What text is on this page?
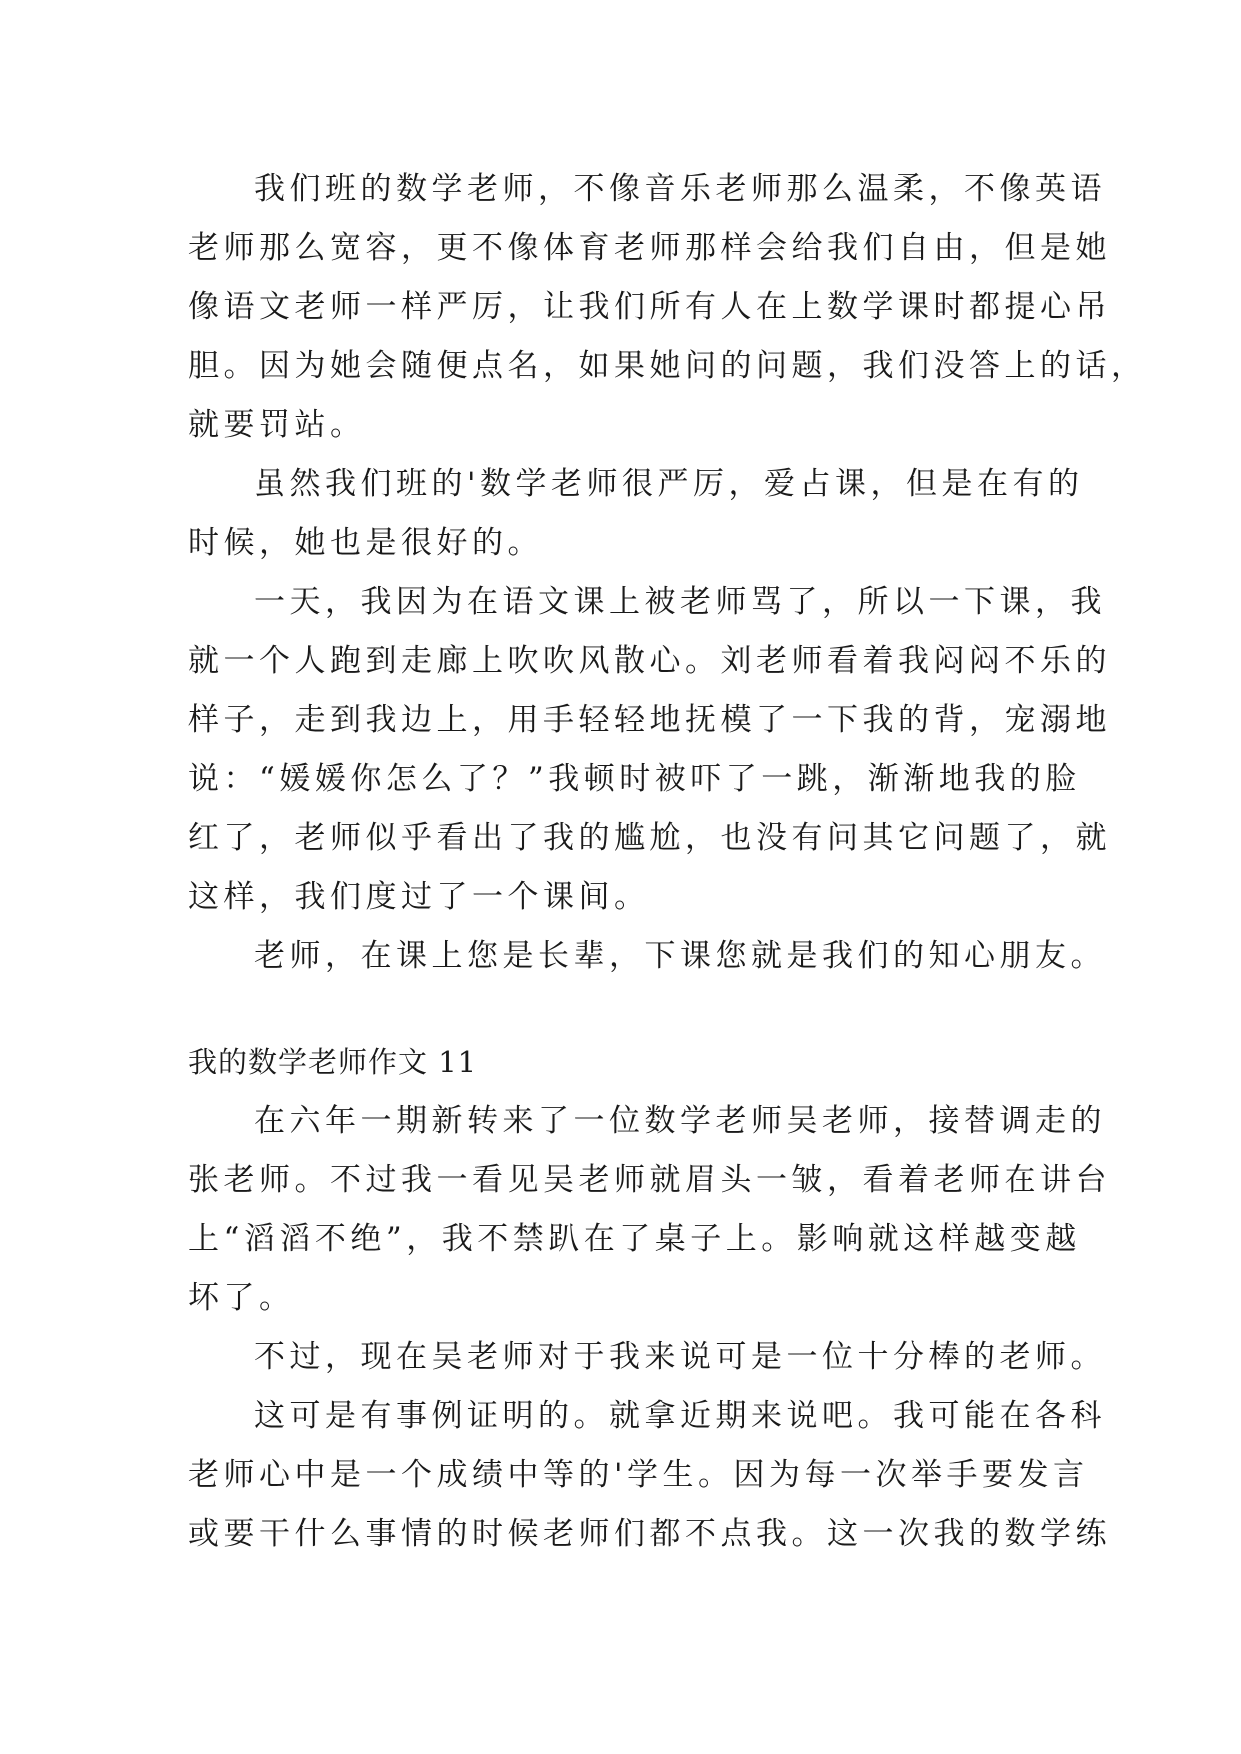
我们班的数学老师，不像音乐老师那么温柔，不像英语
老师那么宽容，更不像体育老师那样会给我们自由，但是她
像语文老师一样严厉，让我们所有人在上数学课时都提心吊
胆。因为她会随便点名，如果她问的问题，我们没答上的话，
就要罚站。
虽然我们班的'数学老师很严厉，爱占课，但是在有的
时候，她也是很好的。
一天，我因为在语文课上被老师骂了，所以一下课，我
就一个人跑到走廊上吹吹风散心。刘老师看着我闷闷不乐的
样子，走到我边上，用手轻轻地抚模了一下我的背，宠溺地
说：“媛媛你怎么了？”我顿时被吓了一跳，渐渐地我的脸
红了，老师似乎看出了我的尴尬，也没有问其它问题了，就
这样，我们度过了一个课间。
老师，在课上您是长辈，下课您就是我们的知心朋友。
我的数学老师作文 11
在六年一期新转来了一位数学老师吴老师，接替调走的
张老师。不过我一看见吴老师就眉头一皱，看着老师在讲台
上“滔滔不绝”，我不禁趴在了桌子上。影响就这样越变越
坏了。
不过，现在吴老师对于我来说可是一位十分棒的老师。
这可是有事例证明的。就拿近期来说吧。我可能在各科
老师心中是一个成绩中等的'学生。因为每一次举手要发言
或要干什么事情的时候老师们都不点我。这一次我的数学练
